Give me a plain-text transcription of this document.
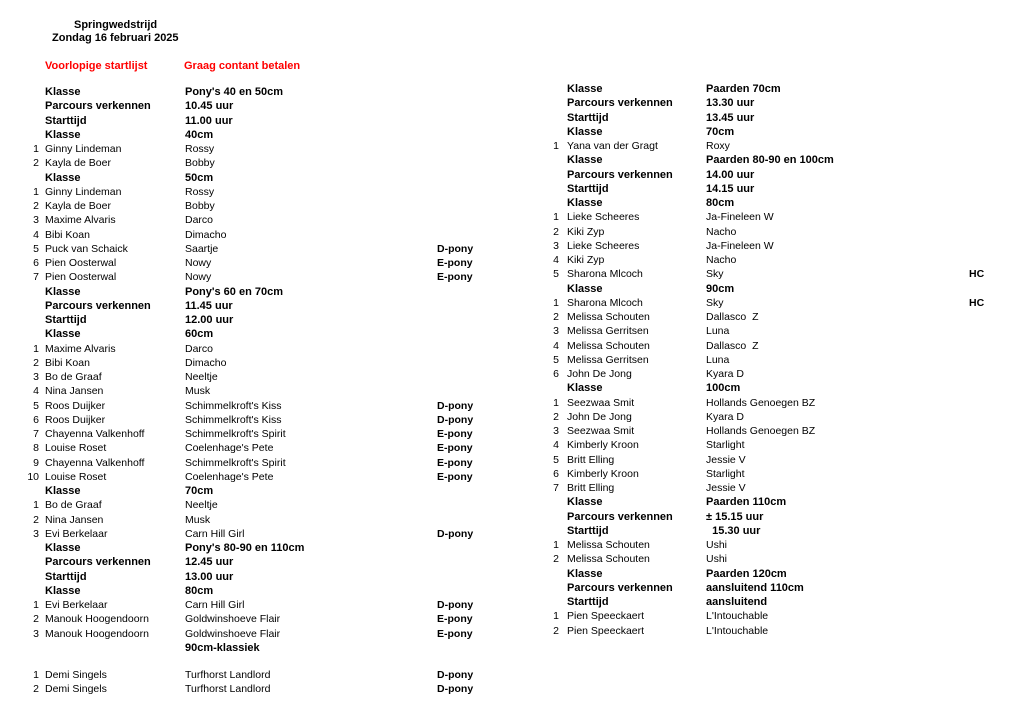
Springwedstrijd
Zondag 16 februari 2025
Voorlopige startlijst	Graag contant betalen
Klasse	Pony's 40 en 50cm
Parcours verkennen	10.45 uur
Starttijd	11.00 uur
Klasse	40cm
1 Ginny Lindeman	Rossy
2 Kayla de Boer	Bobby
Klasse	50cm
1 Ginny Lindeman	Rossy
2 Kayla de Boer	Bobby
3 Maxime Alvaris	Darco
4 Bibi Koan	Dimacho
5 Puck van Schaick	Saartje	D-pony
6 Pien Oosterwal	Nowy	E-pony
7 Pien Oosterwal	Nowy	E-pony
Klasse	Pony's 60 en 70cm
Parcours verkennen	11.45 uur
Starttijd	12.00 uur
Klasse	60cm
1 Maxime Alvaris	Darco
2 Bibi Koan	Dimacho
3 Bo de Graaf	Neeltje
4 Nina Jansen	Musk
5 Roos Duijker	Schimmelkroft's Kiss	D-pony
6 Roos Duijker	Schimmelkroft's Kiss	D-pony
7 Chayenna Valkenhoff	Schimmelkroft's Spirit	E-pony
8 Louise Roset	Coelenhage's Pete	E-pony
9 Chayenna Valkenhoff	Schimmelkroft's Spirit	E-pony
10 Louise Roset	Coelenhage's Pete	E-pony
Klasse	70cm
1 Bo de Graaf	Neeltje
2 Nina Jansen	Musk
3 Evi Berkelaar	Carn Hill Girl	D-pony
Klasse	Pony's 80-90 en 110cm
Parcours verkennen	12.45 uur
Starttijd	13.00 uur
Klasse	80cm
1 Evi Berkelaar	Carn Hill Girl	D-pony
2 Manouk Hoogendoorn	Goldwinshoeve Flair	E-pony
3 Manouk Hoogendoorn	Goldwinshoeve Flair	E-pony
90cm-klassiek
1 Demi Singels	Turfhorst Landlord	D-pony
2 Demi Singels	Turfhorst Landlord	D-pony
Klasse	Paarden 70cm
Parcours verkennen	13.30 uur
Starttijd	13.45 uur
Klasse	70cm
1 Yana van der Gragt	Roxy
Klasse	Paarden 80-90 en 100cm
Parcours verkennen	14.00 uur
Starttijd	14.15 uur
Klasse	80cm
1 Lieke Scheeres	Ja-Fineleen W
2 Kiki Zyp	Nacho
3 Lieke Scheeres	Ja-Fineleen W
4 Kiki Zyp	Nacho
5 Sharona Mlcoch	Sky	HC
Klasse	90cm
1 Sharona Mlcoch	Sky	HC
2 Melissa Schouten	Dallasco  Z
3 Melissa Gerritsen	Luna
4 Melissa Schouten	Dallasco  Z
5 Melissa Gerritsen	Luna
6 John De Jong	Kyara D
Klasse	100cm
1 Seezwaa Smit	Hollands Genoegen BZ
2 John De Jong	Kyara D
3 Seezwaa Smit	Hollands Genoegen BZ
4 Kimberly Kroon	Starlight
5 Britt Elling	Jessie V
6 Kimberly Kroon	Starlight
7 Britt Elling	Jessie V
Klasse	Paarden 110cm
Parcours verkennen	± 15.15 uur
Starttijd	15.30 uur
1 Melissa Schouten	Ushi
2 Melissa Schouten	Ushi
Klasse	Paarden 120cm
Parcours verkennen	aansluitend 110cm
Starttijd	aansluitend
1 Pien Speeckaert	L'Intouchable
2 Pien Speeckaert	L'Intouchable
